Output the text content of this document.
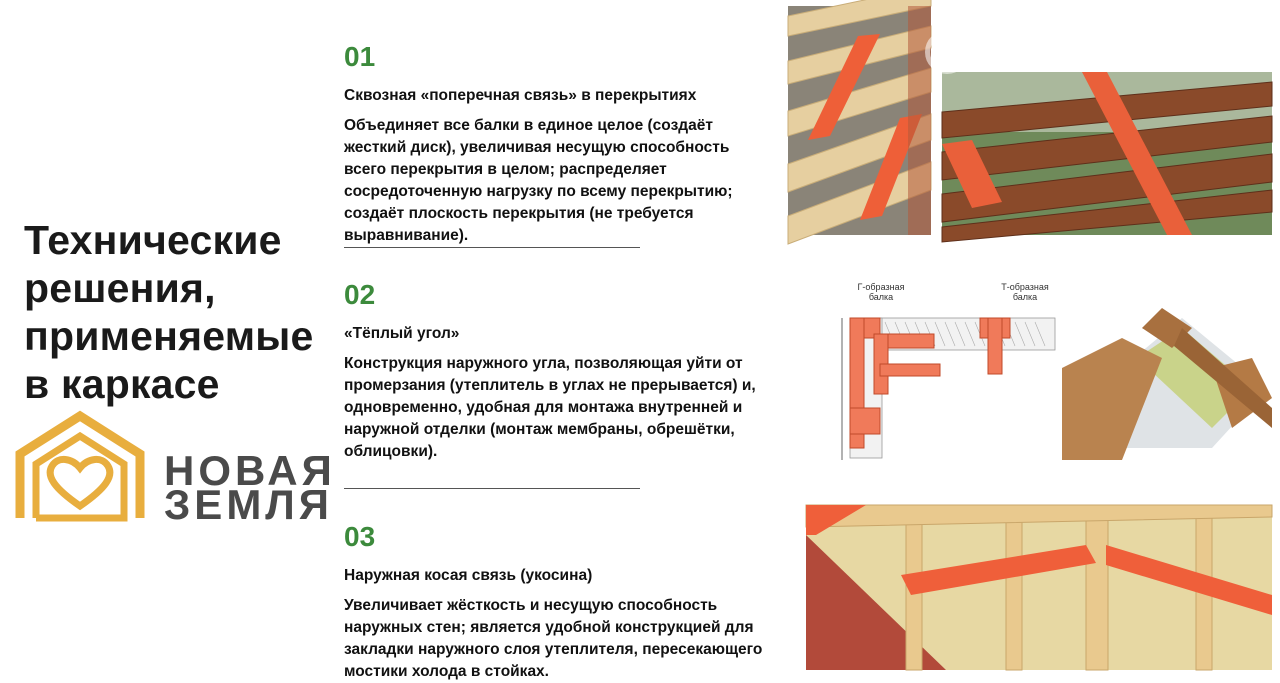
Технические
решения,
применяемые
в каркасе
НОВАЯ
ЗЕМЛЯ
01
Сквозная «поперечная связь» в перекрытиях
Объединяет все балки в единое целое (создаёт жесткий диск), увеличивая несущую способность всего перекрытия в целом; распределяет сосредоточенную нагрузку по всему перекрытию; создаёт плоскость перекрытия (не требуется выравнивание).
02
«Тёплый угол»
Конструкция наружного угла, позволяющая уйти от промерзания (утеплитель в углах не прерывается) и, одновременно, удобная для монтажа внутренней и наружной отделки (монтаж мембраны, обрешётки, облицовки).
03
Наружная косая связь (укосина)
Увеличивает жёсткость и несущую способность наружных стен; является удобной конструкцией для закладки наружного слоя утеплителя, пересекающего мостики холода в стойках.
ONREALT
Г-образная
балка
Т-образная
балка
